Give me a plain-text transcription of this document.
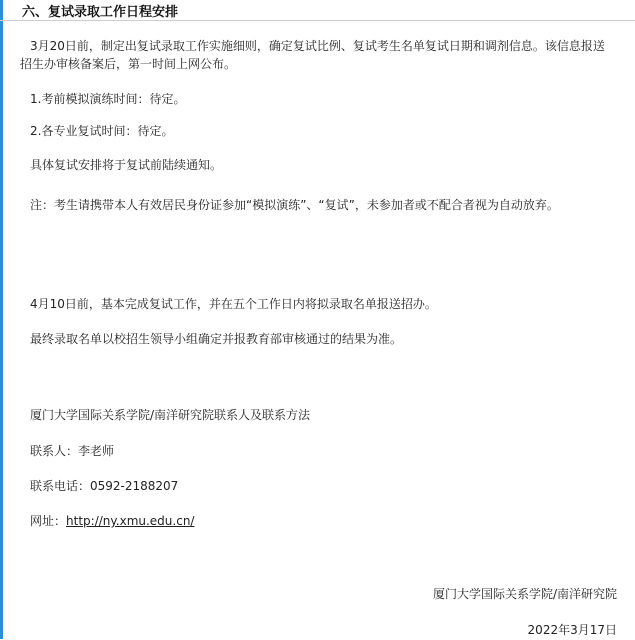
六、复试录取工作日程安排
3月20日前，制定出复试录取工作实施细则，确定复试比例、复试考生名单复试日期和调剂信息。该信息报送
招生办审核备案后，第一时间上网公布。
1.考前模拟演练时间：待定。
2.各专业复试时间：待定。
具体复试安排将于复试前陆续通知。
注：考生请携带本人有效居民身份证参加“模拟演练”、“复试”，未参加者或不配合者视为自动放弃。
4月10日前，基本完成复试工作，并在五个工作日内将拟录取名单报送招办。
最终录取名单以校招生领导小组确定并报教育部审核通过的结果为准。
厦门大学国际关系学院/南洋研究院联系人及联系方法
联系人：李老师
联系电话：0592-2188207
网址：http://ny.xmu.edu.cn/
厦门大学国际关系学院/南洋研究院
2022年3月17日
